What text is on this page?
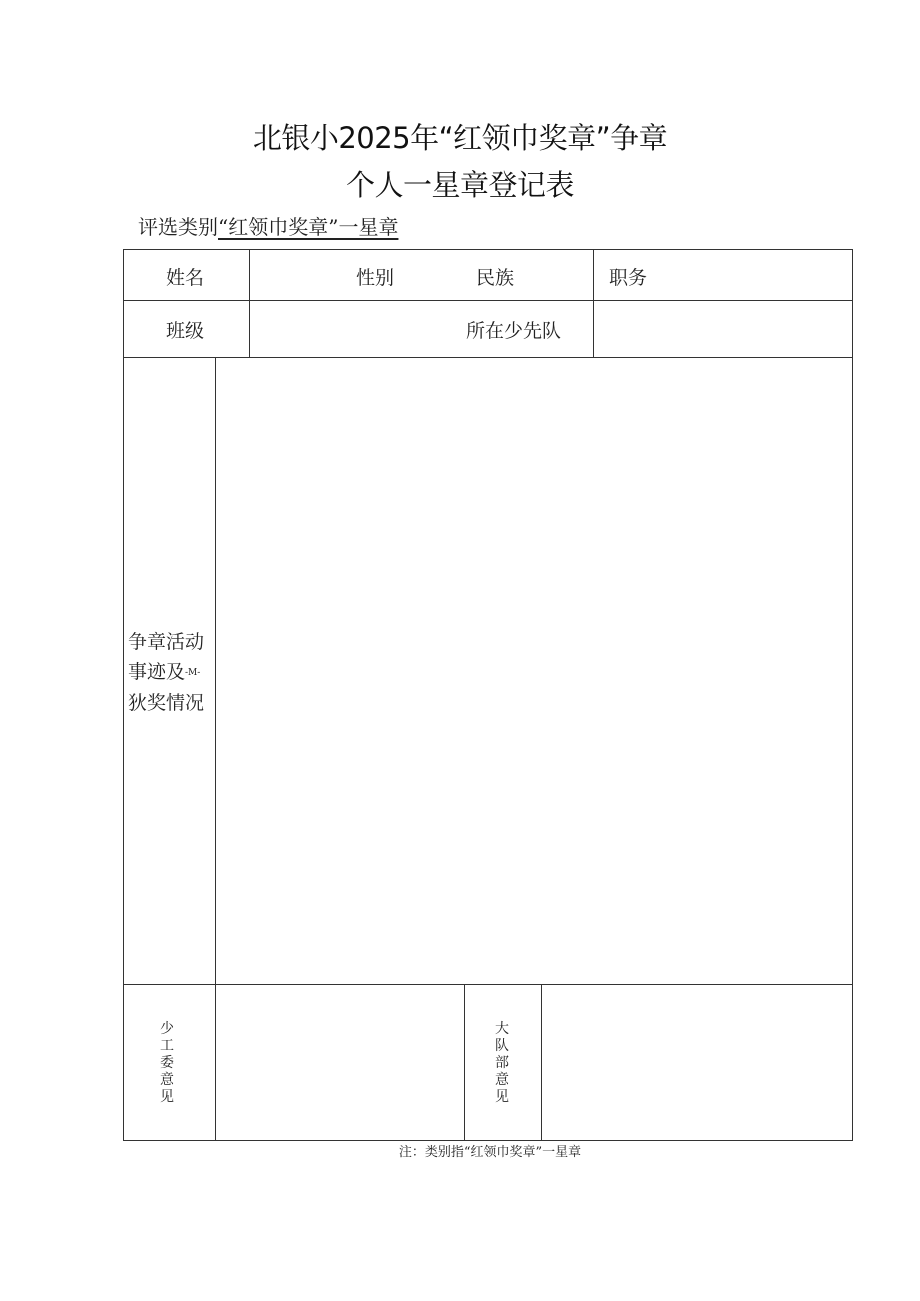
北银小2025年“红领巾奖章”争章
个人一星章登记表
评选类别“红领巾奖章”一星章
姓名	性别	民族	职务
班级	所在少先队
争章活动
事迹及-M-
狄奖情况
少工委意见
大队部意见
注：类别指“红领巾奖章”一星章
